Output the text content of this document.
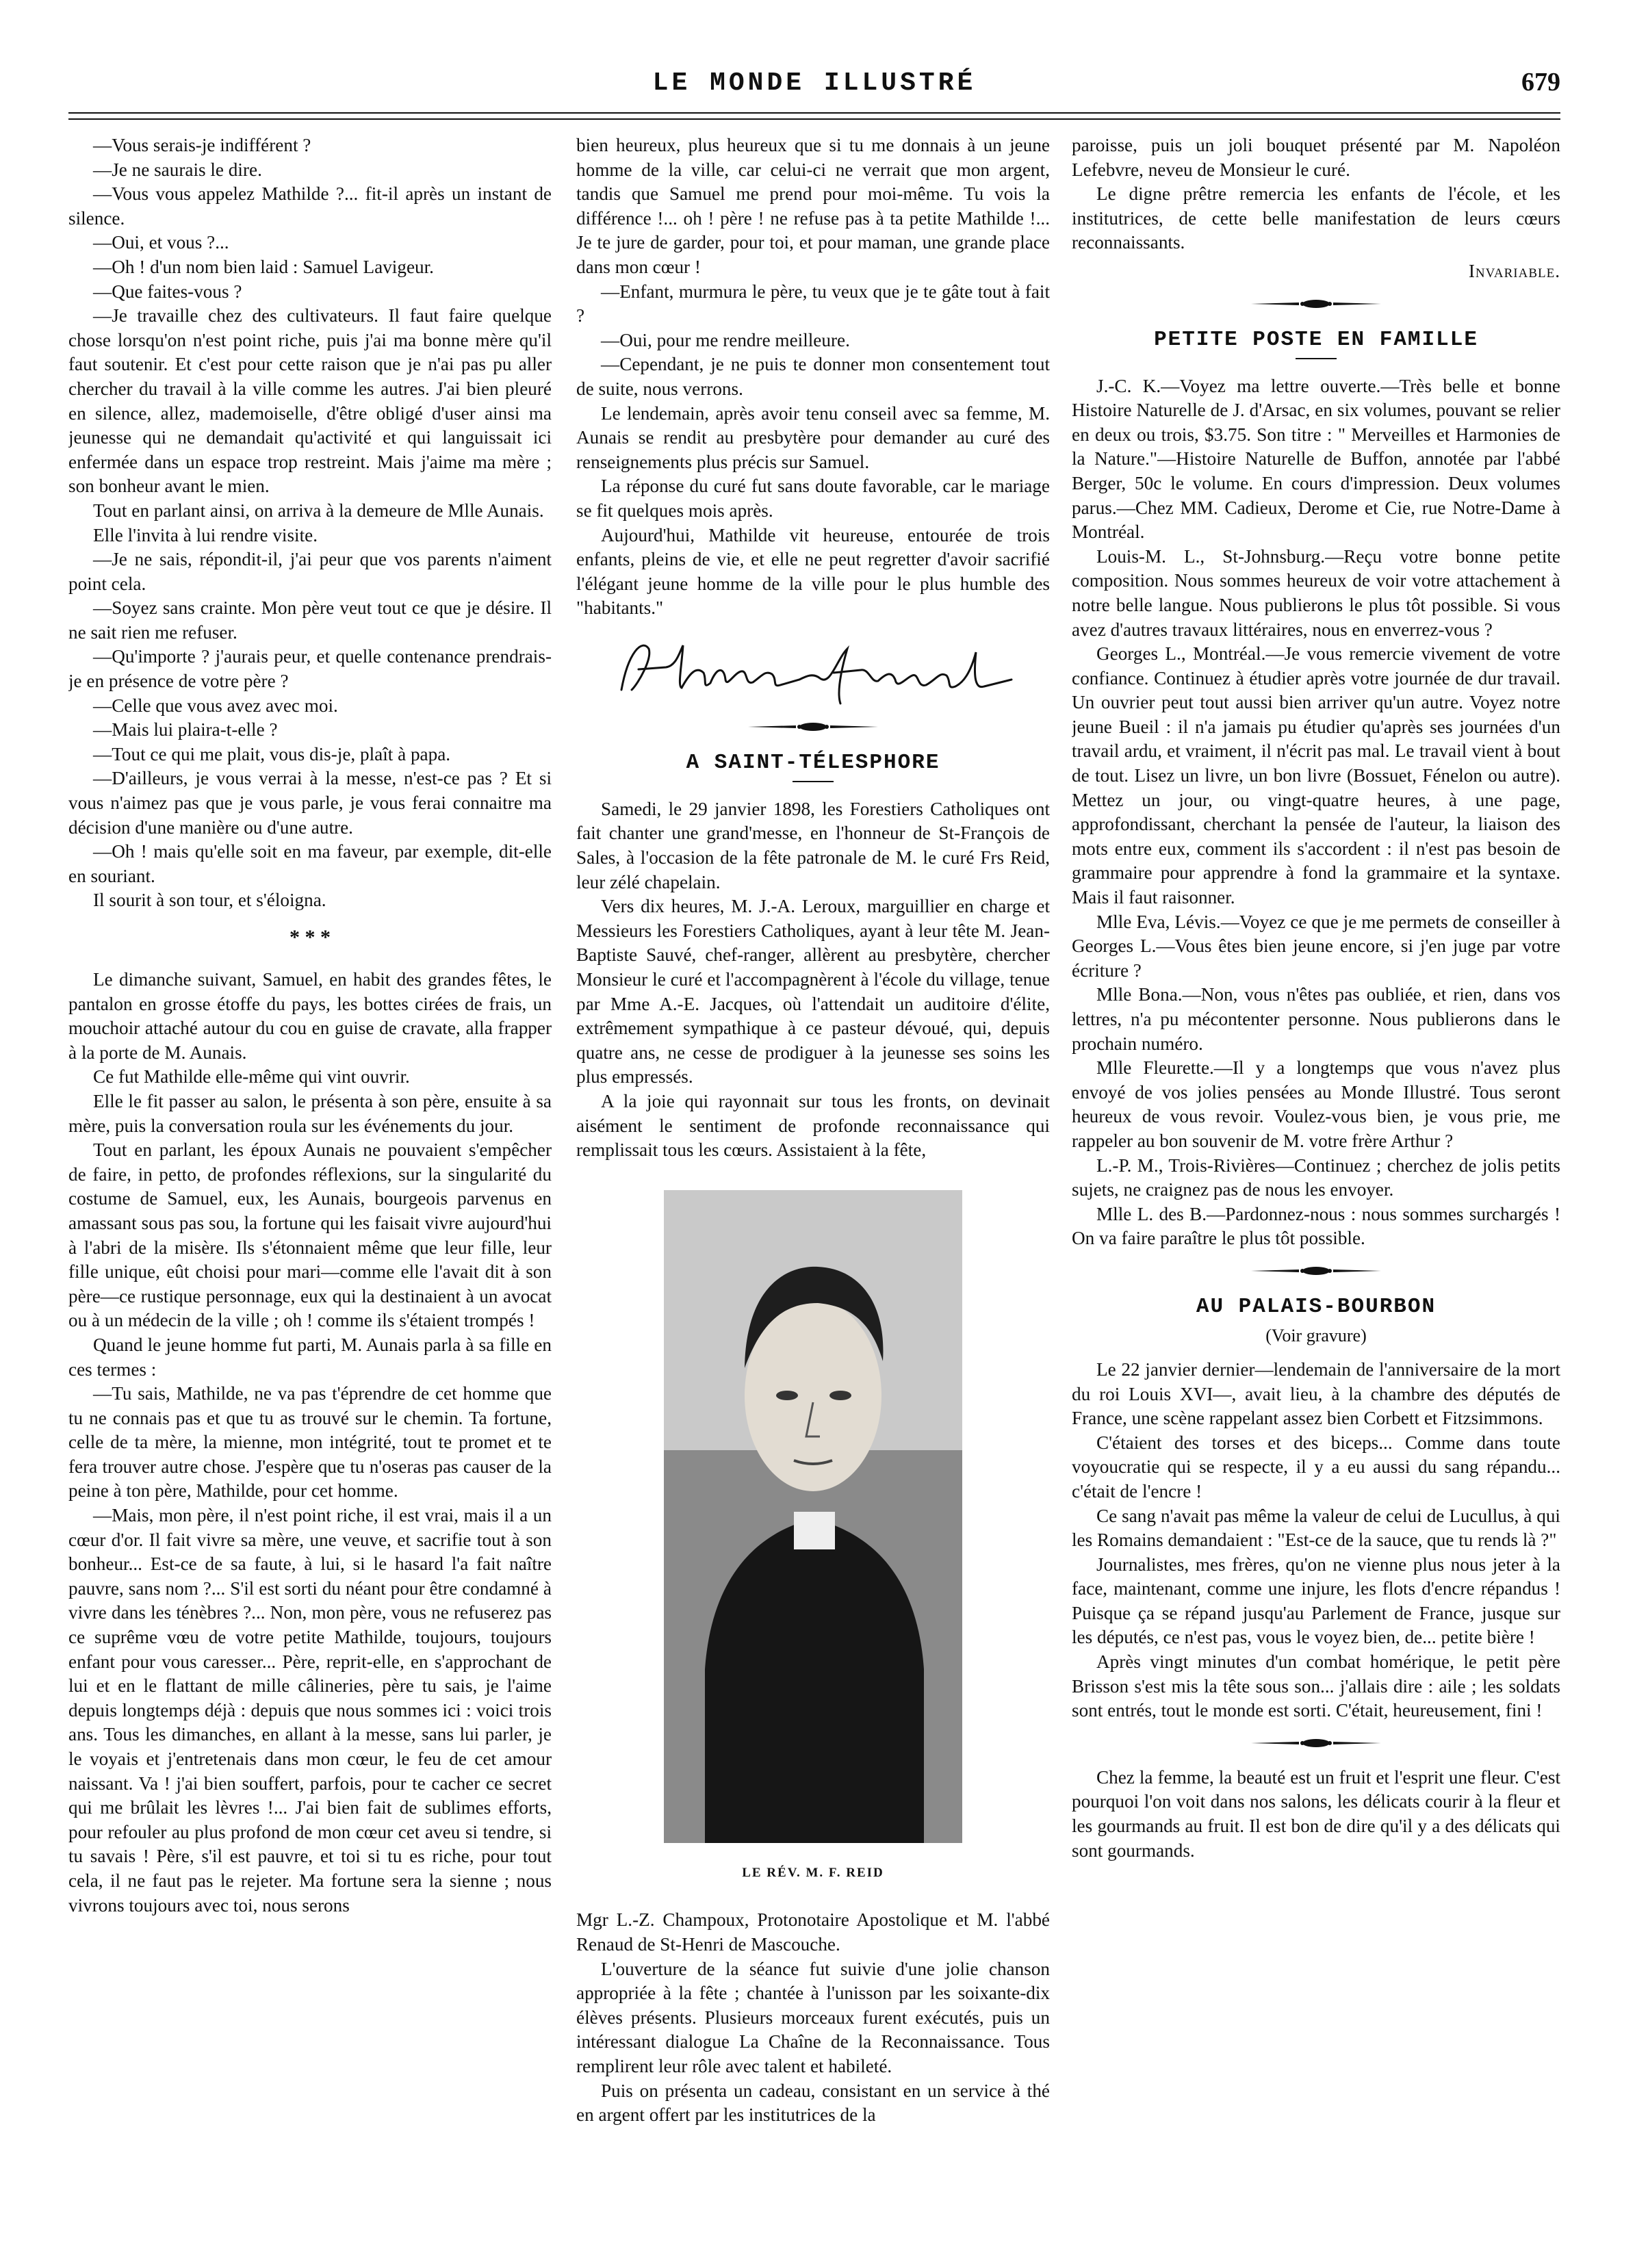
LE MONDE ILLUSTRÉ	679

—Vous serais-je indifférent ?

—Je ne saurais le dire.

—Vous vous appelez Mathilde ?... fit-il après un instant de silence.

—Oui, et vous ?...

—Oh ! d'un nom bien laid : Samuel Lavigeur.

—Que faites-vous ?

—Je travaille chez des cultivateurs. Il faut faire quelque chose lorsqu'on n'est point riche, puis j'ai ma bonne mère qu'il faut soutenir. Et c'est pour cette raison que je n'ai pas pu aller chercher du travail à la ville comme les autres. J'ai bien pleuré en silence, allez, mademoiselle, d'être obligé d'user ainsi ma jeunesse qui ne demandait qu'activité et qui languissait ici enfermée dans un espace trop restreint. Mais j'aime ma mère ; son bonheur avant le mien.

Tout en parlant ainsi, on arriva à la demeure de Mlle Aunais.

Elle l'invita à lui rendre visite.

—Je ne sais, répondit-il, j'ai peur que vos parents n'aiment point cela.

—Soyez sans crainte. Mon père veut tout ce que je désire. Il ne sait rien me refuser.

—Qu'importe ? j'aurais peur, et quelle contenance prendrais-je en présence de votre père ?

—Celle que vous avez avec moi.

—Mais lui plaira-t-elle ?

—Tout ce qui me plait, vous dis-je, plaît à papa.

—D'ailleurs, je vous verrai à la messe, n'est-ce pas ? Et si vous n'aimez pas que je vous parle, je vous ferai connaitre ma décision d'une manière ou d'une autre.

—Oh ! mais qu'elle soit en ma faveur, par exemple, dit-elle en souriant.

Il sourit à son tour, et s'éloigna.

* * *

Le dimanche suivant, Samuel, en habit des grandes fêtes, le pantalon en grosse étoffe du pays, les bottes cirées de frais, un mouchoir attaché autour du cou en guise de cravate, alla frapper à la porte de M. Aunais.

Ce fut Mathilde elle-même qui vint ouvrir.

Elle le fit passer au salon, le présenta à son père, ensuite à sa mère, puis la conversation roula sur les événements du jour.

Tout en parlant, les époux Aunais ne pouvaient s'empêcher de faire, in petto, de profondes réflexions, sur la singularité du costume de Samuel, eux, les Aunais, bourgeois parvenus en amassant sous pas sou, la fortune qui les faisait vivre aujourd'hui à l'abri de la misère. Ils s'étonnaient même que leur fille, leur fille unique, eût choisi pour mari—comme elle l'avait dit à son père—ce rustique personnage, eux qui la destinaient à un avocat ou à un médecin de la ville ; oh ! comme ils s'étaient trompés !

Quand le jeune homme fut parti, M. Aunais parla à sa fille en ces termes :

—Tu sais, Mathilde, ne va pas t'éprendre de cet homme que tu ne connais pas et que tu as trouvé sur le chemin. Ta fortune, celle de ta mère, la mienne, mon intégrité, tout te promet et te fera trouver autre chose. J'espère que tu n'oseras pas causer de la peine à ton père, Mathilde, pour cet homme.

—Mais, mon père, il n'est point riche, il est vrai, mais il a un cœur d'or. Il fait vivre sa mère, une veuve, et sacrifie tout à son bonheur... Est-ce de sa faute, à lui, si le hasard l'a fait naître pauvre, sans nom ?... S'il est sorti du néant pour être condamné à vivre dans les ténèbres ?... Non, mon père, vous ne refuserez pas ce suprême vœu de votre petite Mathilde, toujours, toujours enfant pour vous caresser... Père, reprit-elle, en s'approchant de lui et en le flattant de mille câlineries, père tu sais, je l'aime depuis longtemps déjà : depuis que nous sommes ici : voici trois ans. Tous les dimanches, en allant à la messe, sans lui parler, je le voyais et j'entretenais dans mon cœur, le feu de cet amour naissant. Va ! j'ai bien souffert, parfois, pour te cacher ce secret qui me brûlait les lèvres !... J'ai bien fait de sublimes efforts, pour refouler au plus profond de mon cœur cet aveu si tendre, si tu savais ! Père, s'il est pauvre, et toi si tu es riche, pour tout cela, il ne faut pas le rejeter. Ma fortune sera la sienne ; nous vivrons toujours avec toi, nous serons

bien heureux, plus heureux que si tu me donnais à un jeune homme de la ville, car celui-ci ne verrait que mon argent, tandis que Samuel me prend pour moi-même. Tu vois la différence !... oh ! père ! ne refuse pas à ta petite Mathilde !... Je te jure de garder, pour toi, et pour maman, une grande place dans mon cœur !

—Enfant, murmura le père, tu veux que je te gâte tout à fait ?

—Oui, pour me rendre meilleure.

—Cependant, je ne puis te donner mon consentement tout de suite, nous verrons.

Le lendemain, après avoir tenu conseil avec sa femme, M. Aunais se rendit au presbytère pour demander au curé des renseignements plus précis sur Samuel.

La réponse du curé fut sans doute favorable, car le mariage se fit quelques mois après.

Aujourd'hui, Mathilde vit heureuse, entourée de trois enfants, pleins de vie, et elle ne peut regretter d'avoir sacrifié l'élégant jeune homme de la ville pour le plus humble des "habitants."

A SAINT-TÉLESPHORE

Samedi, le 29 janvier 1898, les Forestiers Catholiques ont fait chanter une grand'messe, en l'honneur de St-François de Sales, à l'occasion de la fête patronale de M. le curé Frs Reid, leur zélé chapelain.

Vers dix heures, M. J.-A. Leroux, marguillier en charge et Messieurs les Forestiers Catholiques, ayant à leur tête M. Jean-Baptiste Sauvé, chef-ranger, allèrent au presbytère, chercher Monsieur le curé et l'accompagnèrent à l'école du village, tenue par Mme A.-E. Jacques, où l'attendait un auditoire d'élite, extrêmement sympathique à ce pasteur dévoué, qui, depuis quatre ans, ne cesse de prodiguer à la jeunesse ses soins les plus empressés.

A la joie qui rayonnait sur tous les fronts, on devinait aisément le sentiment de profonde reconnaissance qui remplissait tous les cœurs. Assistaient à la fête,

LE RÉV. M. F. REID

Mgr L.-Z. Champoux, Protonotaire Apostolique et M. l'abbé Renaud de St-Henri de Mascouche.

L'ouverture de la séance fut suivie d'une jolie chanson appropriée à la fête ; chantée à l'unisson par les soixante-dix élèves présents. Plusieurs morceaux furent exécutés, puis un intéressant dialogue La Chaîne de la Reconnaissance. Tous remplirent leur rôle avec talent et habileté.

Puis on présenta un cadeau, consistant en un service à thé en argent offert par les institutrices de la

paroisse, puis un joli bouquet présenté par M. Napoléon Lefebvre, neveu de Monsieur le curé.

Le digne prêtre remercia les enfants de l'école, et les institutrices, de cette belle manifestation de leurs cœurs reconnaissants.

Invariable.

PETITE POSTE EN FAMILLE

J.-C. K.—Voyez ma lettre ouverte.—Très belle et bonne Histoire Naturelle de J. d'Arsac, en six volumes, pouvant se relier en deux ou trois, $3.75. Son titre : " Merveilles et Harmonies de la Nature."—Histoire Naturelle de Buffon, annotée par l'abbé Berger, 50c le volume. En cours d'impression. Deux volumes parus.—Chez MM. Cadieux, Derome et Cie, rue Notre-Dame à Montréal.

Louis-M. L., St-Johnsburg.—Reçu votre bonne petite composition. Nous sommes heureux de voir votre attachement à notre belle langue. Nous publierons le plus tôt possible. Si vous avez d'autres travaux littéraires, nous en enverrez-vous ?

Georges L., Montréal.—Je vous remercie vivement de votre confiance. Continuez à étudier après votre journée de dur travail. Un ouvrier peut tout aussi bien arriver qu'un autre. Voyez notre jeune Bueil : il n'a jamais pu étudier qu'après ses journées d'un travail ardu, et vraiment, il n'écrit pas mal. Le travail vient à bout de tout. Lisez un livre, un bon livre (Bossuet, Fénelon ou autre). Mettez un jour, ou vingt-quatre heures, à une page, approfondissant, cherchant la pensée de l'auteur, la liaison des mots entre eux, comment ils s'accordent : il n'est pas besoin de grammaire pour apprendre à fond la grammaire et la syntaxe. Mais il faut raisonner.

Mlle Eva, Lévis.—Voyez ce que je me permets de conseiller à Georges L.—Vous êtes bien jeune encore, si j'en juge par votre écriture ?

Mlle Bona.—Non, vous n'êtes pas oubliée, et rien, dans vos lettres, n'a pu mécontenter personne. Nous publierons dans le prochain numéro.

Mlle Fleurette.—Il y a longtemps que vous n'avez plus envoyé de vos jolies pensées au Monde Illustré. Tous seront heureux de vous revoir. Voulez-vous bien, je vous prie, me rappeler au bon souvenir de M. votre frère Arthur ?

L.-P. M., Trois-Rivières—Continuez ; cherchez de jolis petits sujets, ne craignez pas de nous les envoyer.

Mlle L. des B.—Pardonnez-nous : nous sommes surchargés ! On va faire paraître le plus tôt possible.

AU PALAIS-BOURBON
(Voir gravure)

Le 22 janvier dernier—lendemain de l'anniversaire de la mort du roi Louis XVI—, avait lieu, à la chambre des députés de France, une scène rappelant assez bien Corbett et Fitzsimmons.

C'étaient des torses et des biceps... Comme dans toute voyoucratie qui se respecte, il y a eu aussi du sang répandu... c'était de l'encre !

Ce sang n'avait pas même la valeur de celui de Lucullus, à qui les Romains demandaient : "Est-ce de la sauce, que tu rends là ?"

Journalistes, mes frères, qu'on ne vienne plus nous jeter à la face, maintenant, comme une injure, les flots d'encre répandus ! Puisque ça se répand jusqu'au Parlement de France, jusque sur les députés, ce n'est pas, vous le voyez bien, de... petite bière !

Après vingt minutes d'un combat homérique, le petit père Brisson s'est mis la tête sous son... j'allais dire : aile ; les soldats sont entrés, tout le monde est sorti. C'était, heureusement, fini !

Chez la femme, la beauté est un fruit et l'esprit une fleur. C'est pourquoi l'on voit dans nos salons, les délicats courir à la fleur et les gourmands au fruit. Il est bon de dire qu'il y a des délicats qui sont gourmands.
